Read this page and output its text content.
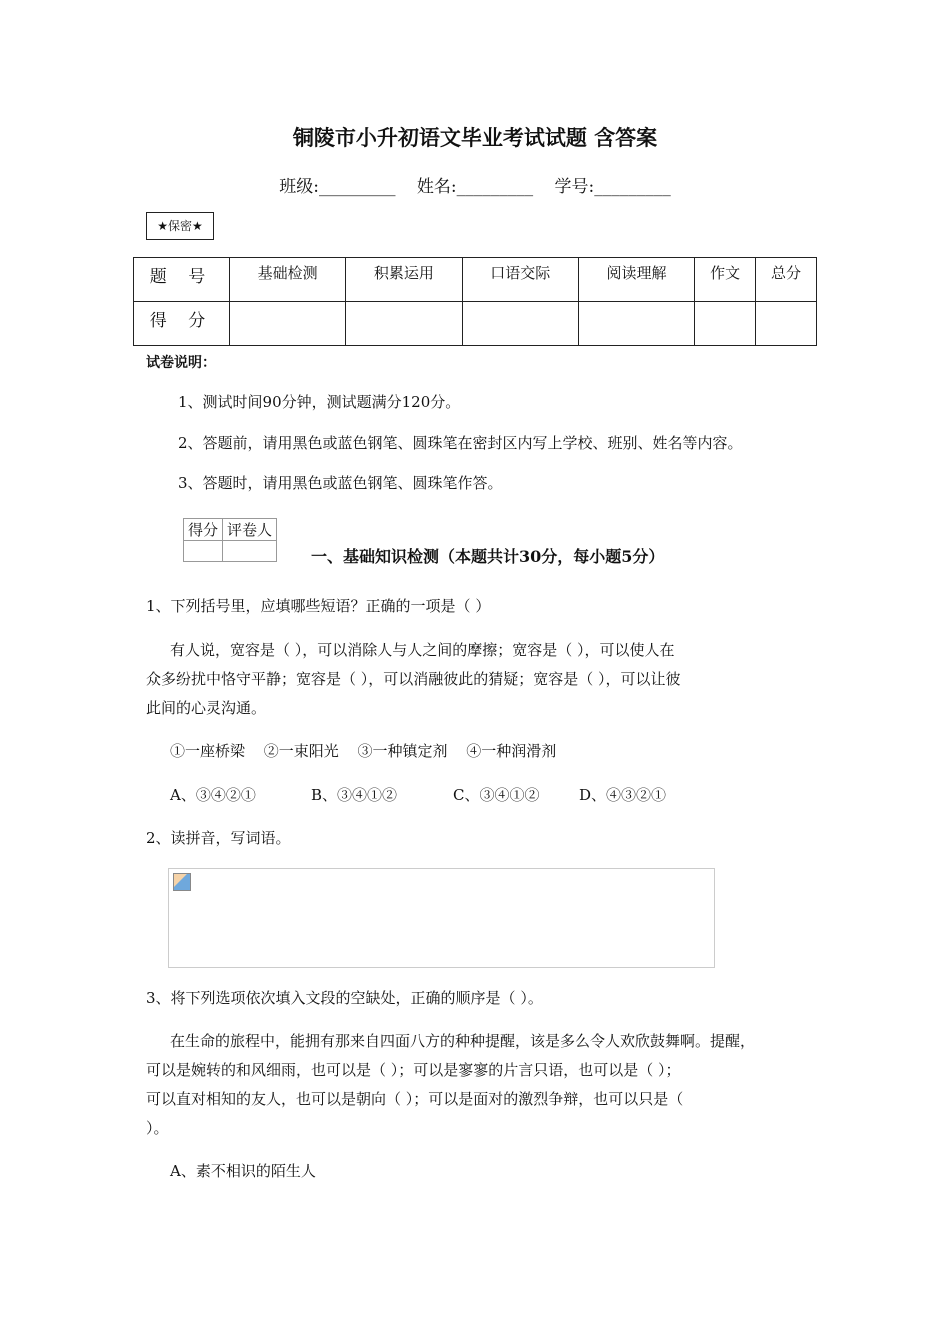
铜陵市小升初语文毕业考试试题 含答案
班级:_________ 姓名:_________ 学号:_________
★保密★
题 号	基础检测	积累运用	口语交际	阅读理解	作文	总分
得 分						
试卷说明：
1、测试时间90分钟，测试题满分120分。
2、答题前，请用黑色或蓝色钢笔、圆珠笔在密封区内写上学校、班别、姓名等内容。
3、答题时，请用黑色或蓝色钢笔、圆珠笔作答。
得分	评卷人

一、基础知识检测（本题共计30分，每小题5分）
1、下列括号里，应填哪些短语？正确的一项是（ ）
有人说，宽容是（ ），可以消除人与人之间的摩擦；宽容是（ ），可以使人在
众多纷扰中恪守平静；宽容是（ ），可以消融彼此的猜疑；宽容是（ ），可以让彼
此间的心灵沟通。
①一座桥梁 ②一束阳光 ③一种镇定剂 ④一种润滑剂
A、③④②①	B、③④①②	C、③④①②	D、④③②①
2、读拼音，写词语。
3、将下列选项依次填入文段的空缺处，正确的顺序是（ ）。
在生命的旅程中，能拥有那来自四面八方的种种提醒，该是多么令人欢欣鼓舞啊。提醒，
可以是婉转的和风细雨，也可以是（ ）；可以是寥寥的片言只语，也可以是（ ）；
可以直对相知的友人，也可以是朝向（ ）；可以是面对的激烈争辩，也可以只是（
）。
A、素不相识的陌生人
